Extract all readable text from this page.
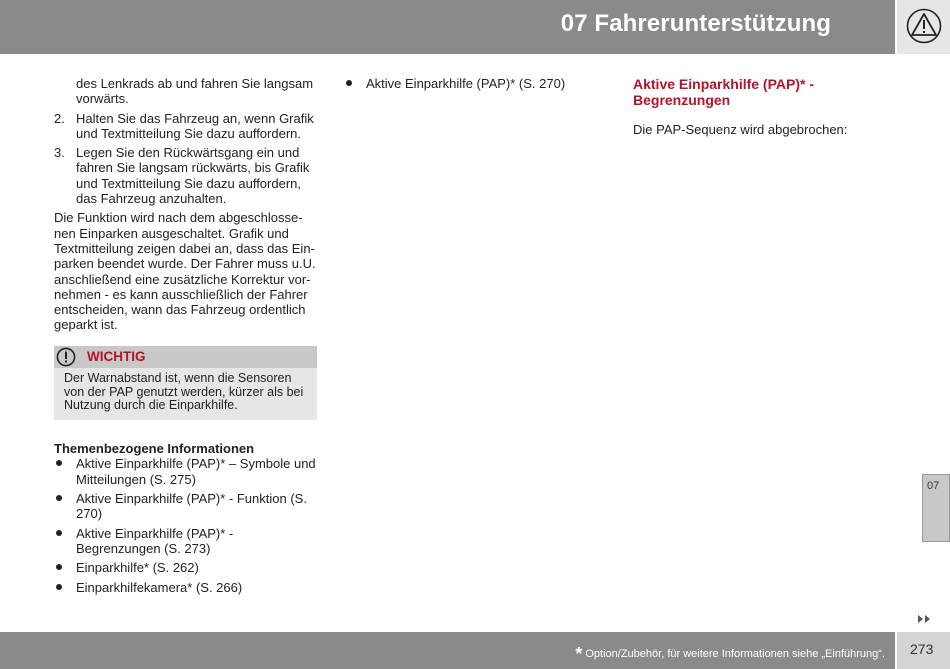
07 Fahrerunterstützung

des Lenkrads ab und fahren Sie langsam vorwärts.

2. Halten Sie das Fahrzeug an, wenn Grafik und Textmitteilung Sie dazu auffordern.
3. Legen Sie den Rückwärtsgang ein und fahren Sie langsam rückwärts, bis Grafik und Textmitteilung Sie dazu auffordern, das Fahrzeug anzuhalten.
Die Funktion wird nach dem abgeschlosse-nen Einparken ausgeschaltet. Grafik und Textmitteilung zeigen dabei an, dass das Ein-parken beendet wurde. Der Fahrer muss u.U. anschließend eine zusätzliche Korrektur vor-nehmen - es kann ausschließlich der Fahrer entscheiden, wann das Fahrzeug ordentlich geparkt ist.
WICHTIG
Der Warnabstand ist, wenn die Sensoren von der PAP genutzt werden, kürzer als bei Nutzung durch die Einparkhilfe.
Themenbezogene Informationen
Aktive Einparkhilfe (PAP)* – Symbole und Mitteilungen (S. 275)
Aktive Einparkhilfe (PAP)* - Funktion (S. 270)
Aktive Einparkhilfe (PAP)* - Begrenzungen (S. 273)
Einparkhilfe* (S. 262)
Einparkhilfekamera* (S. 266)
Aktive Einparkhilfe (PAP)* (S. 270)	Aktive Einparkhilfe (PAP)* - Begrenzungen
Die PAP-Sequenz wird abgebrochen:
07
* Option/Zubehör, für weitere Informationen siehe „Einführung“. 273
